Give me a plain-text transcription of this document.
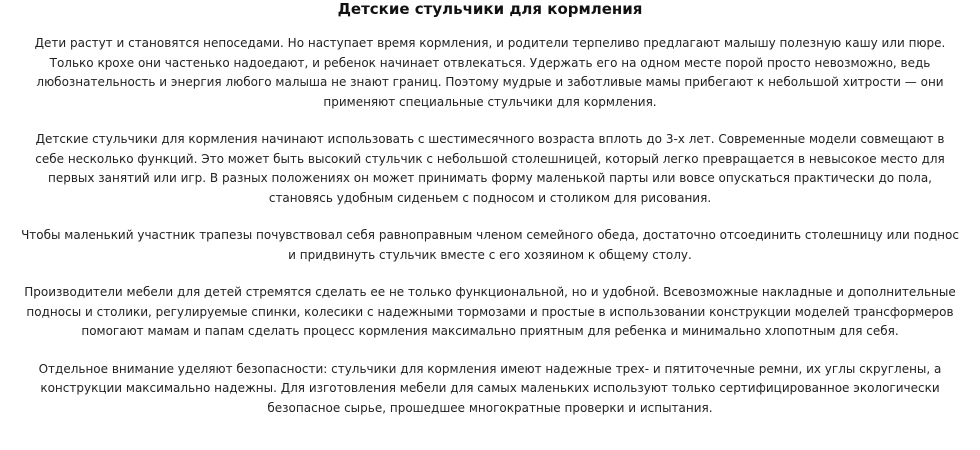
Детские стульчики для кормления

Дети растут и становятся непоседами. Но наступает время кормления, и родители терпеливо предлагают малышу полезную кашу или пюре. Только крохе они частенько надоедают, и ребенок начинает отвлекаться. Удержать его на одном месте порой просто невозможно, ведь любознательность и энергия любого малыша не знают границ. Поэтому мудрые и заботливые мамы прибегают к небольшой хитрости — они применяют специальные стульчики для кормления.

Детские стульчики для кормления начинают использовать с шестимесячного возраста вплоть до 3-х лет. Современные модели совмещают в себе несколько функций. Это может быть высокий стульчик с небольшой столешницей, который легко превращается в невысокое место для первых занятий или игр. В разных положениях он может принимать форму маленькой парты или вовсе опускаться практически до пола, становясь удобным сиденьем с подносом и столиком для рисования.

Чтобы маленький участник трапезы почувствовал себя равноправным членом семейного обеда, достаточно отсоединить столешницу или поднос и придвинуть стульчик вместе с его хозяином к общему столу.

Производители мебели для детей стремятся сделать ее не только функциональной, но и удобной. Всевозможные накладные и дополнительные подносы и столики, регулируемые спинки, колесики с надежными тормозами и простые в использовании конструкции моделей трансформеров помогают мамам и папам сделать процесс кормления максимально приятным для ребенка и минимально хлопотным для себя.

Отдельное внимание уделяют безопасности: стульчики для кормления имеют надежные трех- и пятиточечные ремни, их углы скруглены, а конструкции максимально надежны. Для изготовления мебели для самых маленьких используют только сертифицированное экологически безопасное сырье, прошедшее многократные проверки и испытания.
